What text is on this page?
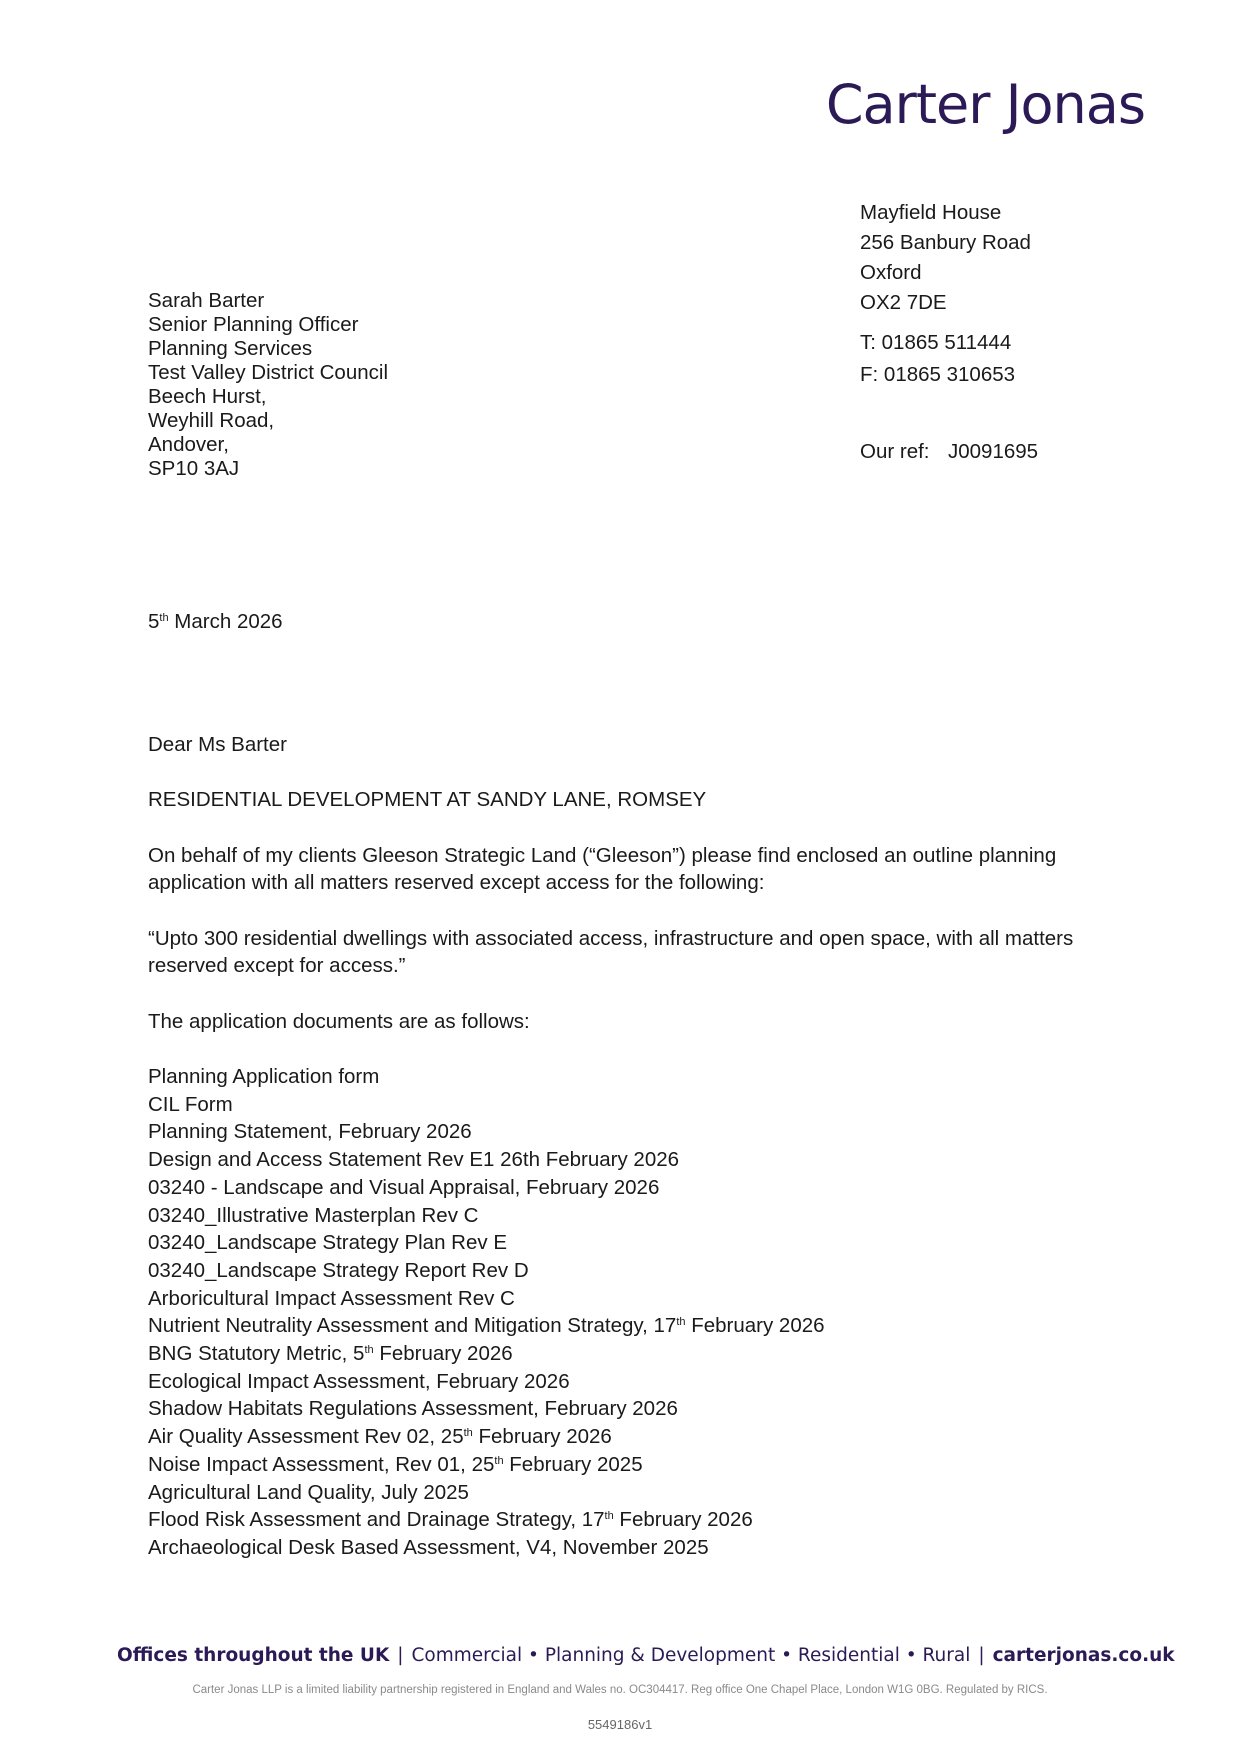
Carter Jonas
Mayfield House
256 Banbury Road
Oxford
OX2 7DE
T: 01865 511444
F: 01865 310653
Our ref: J0091695
Sarah Barter
Senior Planning Officer
Planning Services
Test Valley District Council
Beech Hurst,
Weyhill Road,
Andover,
SP10 3AJ
5th March 2026
Dear Ms Barter
RESIDENTIAL DEVELOPMENT AT SANDY LANE, ROMSEY
On behalf of my clients Gleeson Strategic Land (“Gleeson”) please find enclosed an outline planning application with all matters reserved except access for the following:
“Upto 300 residential dwellings with associated access, infrastructure and open space, with all matters reserved except for access.”
The application documents are as follows:
Planning Application form
CIL Form
Planning Statement, February 2026
Design and Access Statement Rev E1 26th February 2026
03240 - Landscape and Visual Appraisal, February 2026
03240_Illustrative Masterplan Rev C
03240_Landscape Strategy Plan Rev E
03240_Landscape Strategy Report Rev D
Arboricultural Impact Assessment Rev C
Nutrient Neutrality Assessment and Mitigation Strategy, 17th February 2026
BNG Statutory Metric, 5th February 2026
Ecological Impact Assessment, February 2026
Shadow Habitats Regulations Assessment, February 2026
Air Quality Assessment Rev 02, 25th February 2026
Noise Impact Assessment, Rev 01, 25th February 2025
Agricultural Land Quality, July 2025
Flood Risk Assessment and Drainage Strategy, 17th February 2026
Archaeological Desk Based Assessment, V4, November 2025
Offices throughout the UK | Commercial • Planning & Development • Residential • Rural | carterjonas.co.uk
Carter Jonas LLP is a limited liability partnership registered in England and Wales no. OC304417. Reg office One Chapel Place, London W1G 0BG. Regulated by RICS.
5549186v1
